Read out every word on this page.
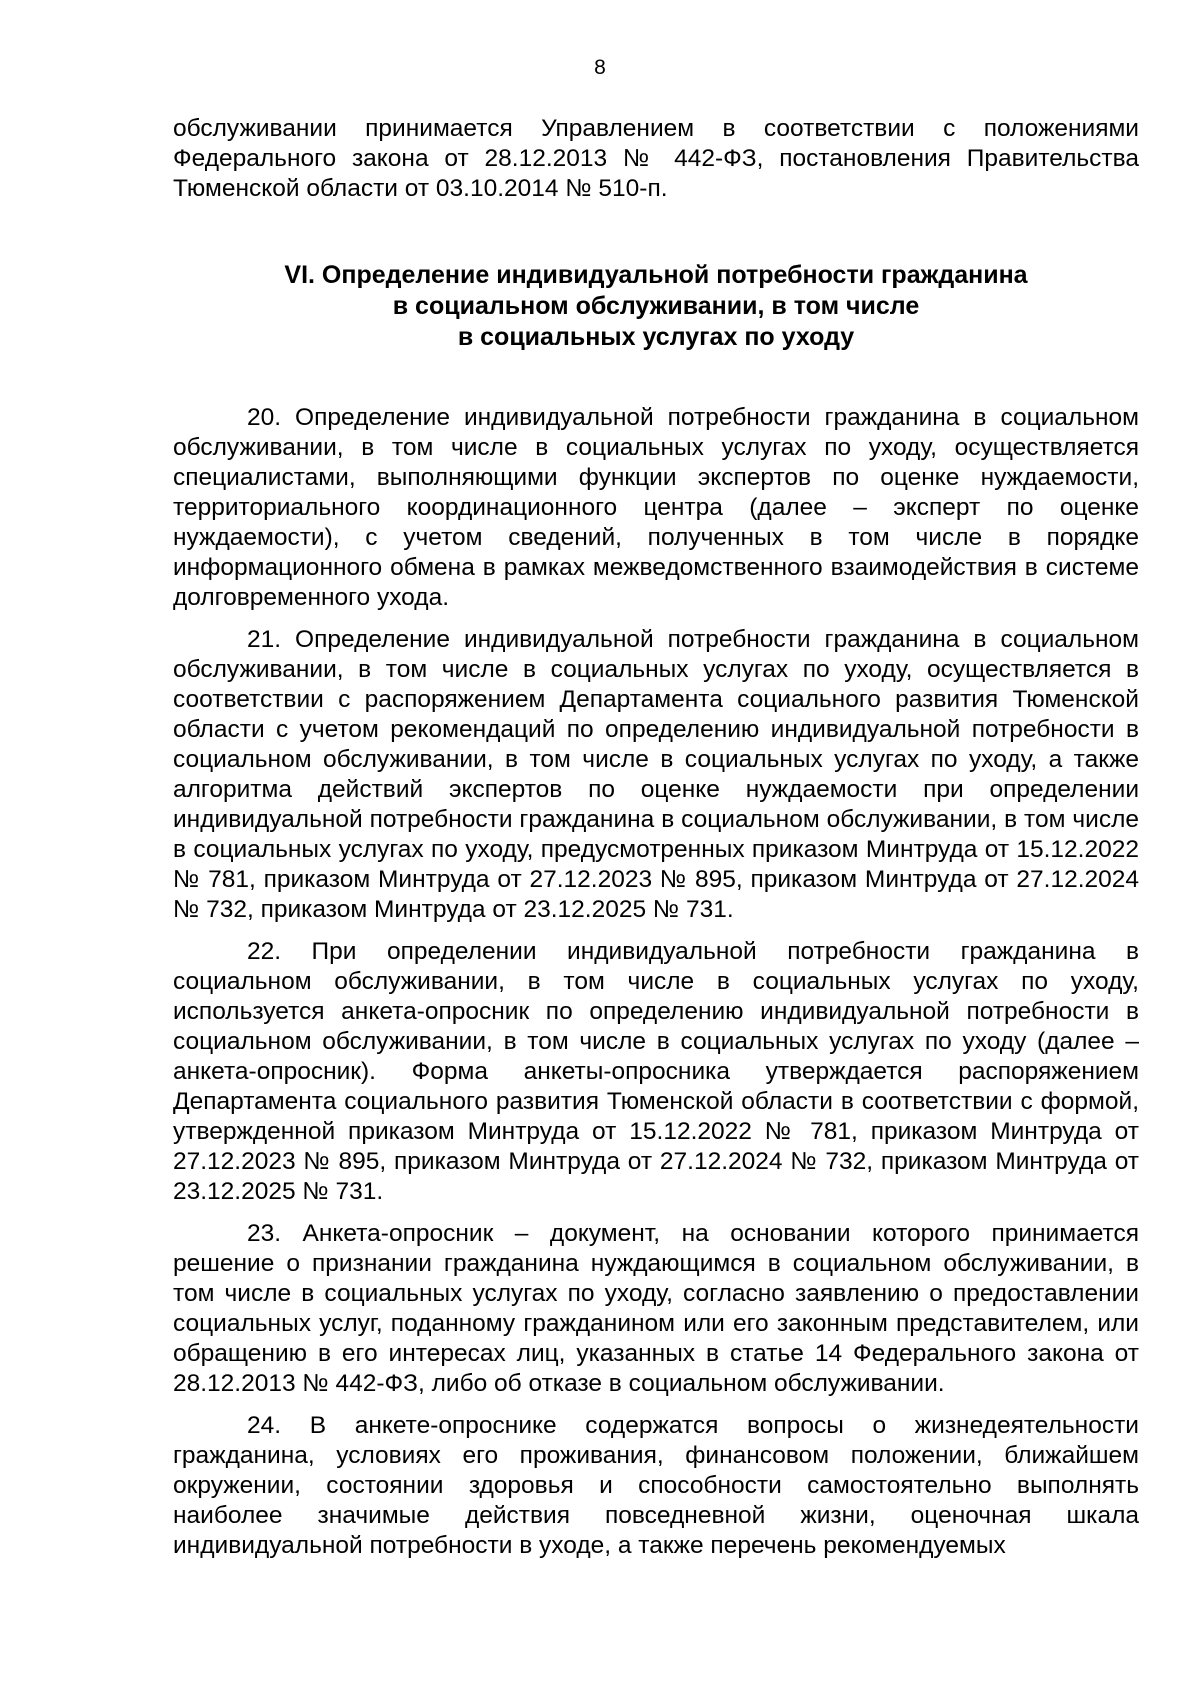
8

обслуживании принимается Управлением в соответствии с положениями Федерального закона от 28.12.2013 № 442-ФЗ, постановления Правительства Тюменской области от 03.10.2014 № 510-п.

VI. Определение индивидуальной потребности гражданина
в социальном обслуживании, в том числе
в социальных услугах по уходу

20. Определение индивидуальной потребности гражданина в социальном обслуживании, в том числе в социальных услугах по уходу, осуществляется специалистами, выполняющими функции экспертов по оценке нуждаемости, территориального координационного центра (далее – эксперт по оценке нуждаемости), с учетом сведений, полученных в том числе в порядке информационного обмена в рамках межведомственного взаимодействия в системе долговременного ухода.

21. Определение индивидуальной потребности гражданина в социальном обслуживании, в том числе в социальных услугах по уходу, осуществляется в соответствии с распоряжением Департамента социального развития Тюменской области с учетом рекомендаций по определению индивидуальной потребности в социальном обслуживании, в том числе в социальных услугах по уходу, а также алгоритма действий экспертов по оценке нуждаемости при определении индивидуальной потребности гражданина в социальном обслуживании, в том числе в социальных услугах по уходу, предусмотренных приказом Минтруда от 15.12.2022 № 781, приказом Минтруда от 27.12.2023 № 895, приказом Минтруда от 27.12.2024 № 732, приказом Минтруда от 23.12.2025 № 731.

22. При определении индивидуальной потребности гражданина в социальном обслуживании, в том числе в социальных услугах по уходу, используется анкета-опросник по определению индивидуальной потребности в социальном обслуживании, в том числе в социальных услугах по уходу (далее – анкета-опросник). Форма анкеты-опросника утверждается распоряжением Департамента социального развития Тюменской области в соответствии с формой, утвержденной приказом Минтруда от 15.12.2022 № 781, приказом Минтруда от 27.12.2023 № 895, приказом Минтруда от 27.12.2024 № 732, приказом Минтруда от 23.12.2025 № 731.

23. Анкета-опросник – документ, на основании которого принимается решение о признании гражданина нуждающимся в социальном обслуживании, в том числе в социальных услугах по уходу, согласно заявлению о предоставлении социальных услуг, поданному гражданином или его законным представителем, или обращению в его интересах лиц, указанных в статье 14 Федерального закона от 28.12.2013 № 442-ФЗ, либо об отказе в социальном обслуживании.

24. В анкете-опроснике содержатся вопросы о жизнедеятельности гражданина, условиях его проживания, финансовом положении, ближайшем окружении, состоянии здоровья и способности самостоятельно выполнять наиболее значимые действия повседневной жизни, оценочная шкала индивидуальной потребности в уходе, а также перечень рекомендуемых
